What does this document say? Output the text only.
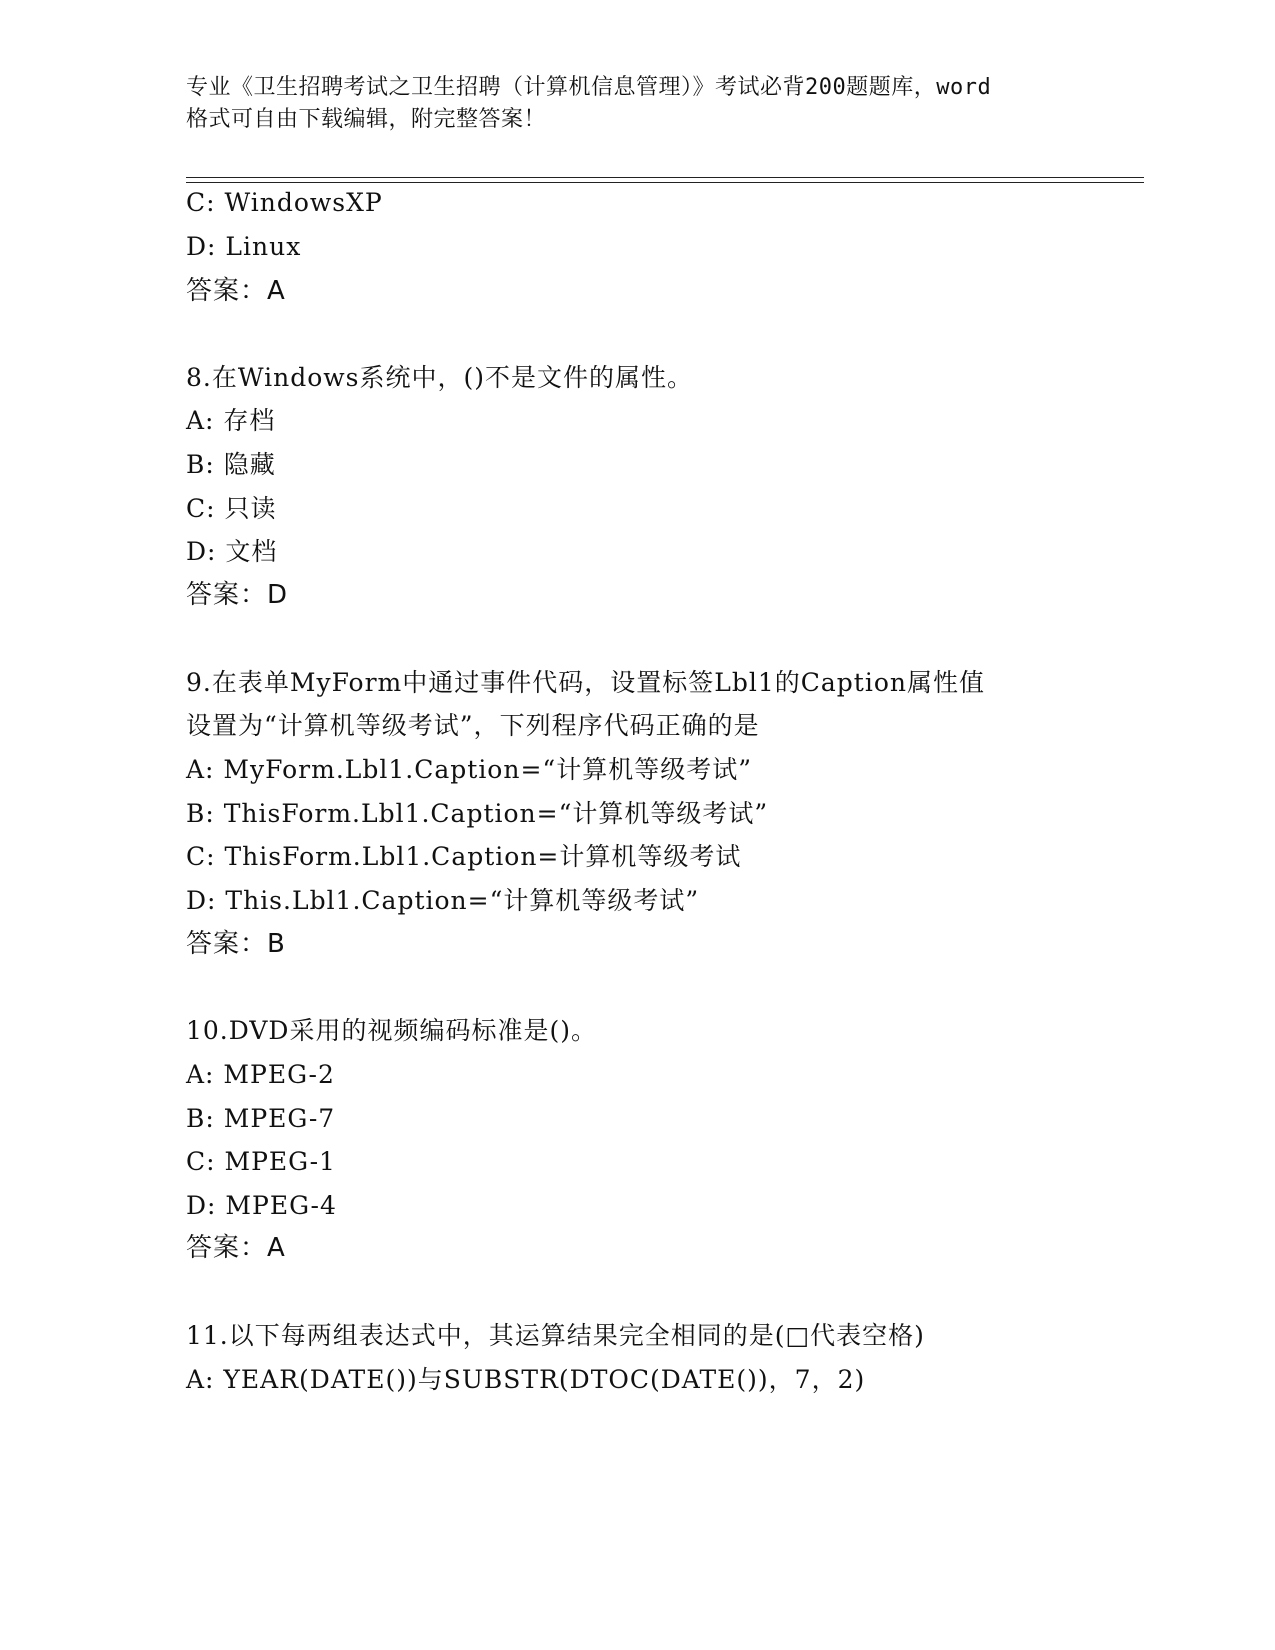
专业《卫生招聘考试之卫生招聘（计算机信息管理）》考试必背200题题库，word
格式可自由下载编辑，附完整答案！
C: WindowsXP
D: Linux
答案：A
8.在Windows系统中，()不是文件的属性。
A: 存档
B: 隐藏
C: 只读
D: 文档
答案：D
9.在表单MyForm中通过事件代码，设置标签Lbl1的Caption属性值
设置为“计算机等级考试”，下列程序代码正确的是
A: MyForm.Lbl1.Caption=“计算机等级考试”
B: ThisForm.Lbl1.Caption=“计算机等级考试”
C: ThisForm.Lbl1.Caption=计算机等级考试
D: This.Lbl1.Caption=“计算机等级考试”
答案：B
10.DVD采用的视频编码标准是()。
A: MPEG-2
B: MPEG-7
C: MPEG-1
D: MPEG-4
答案：A
11.以下每两组表达式中，其运算结果完全相同的是(□代表空格)
A: YEAR(DATE())与SUBSTR(DTOC(DATE())，7，2)
